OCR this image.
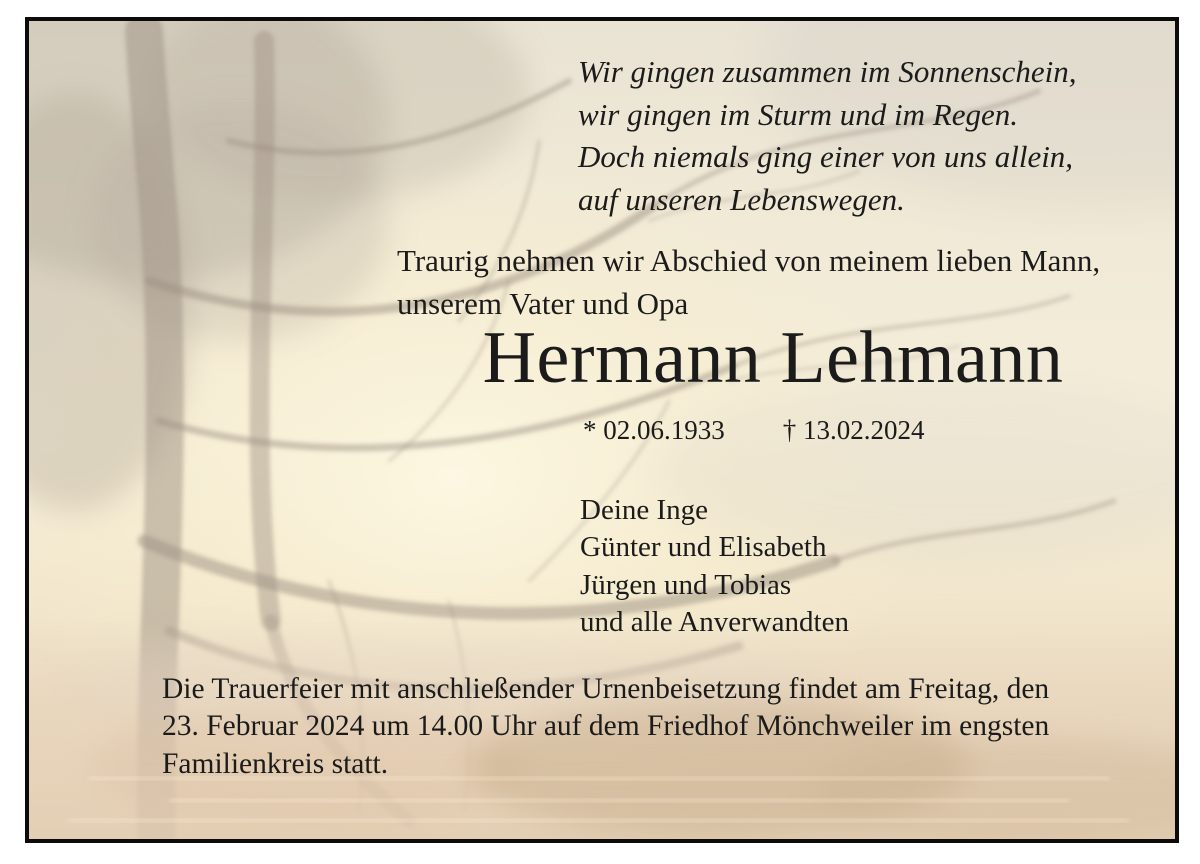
Wir gingen zusammen im Sonnenschein,
wir gingen im Sturm und im Regen.
Doch niemals ging einer von uns allein,
auf unseren Lebenswegen.
Traurig nehmen wir Abschied von meinem lieben Mann,
unserem Vater und Opa
Hermann Lehmann
* 02.06.1933 † 13.02.2024
Deine Inge
Günter und Elisabeth
Jürgen und Tobias
und alle Anverwandten
Die Trauerfeier mit anschließender Urnenbeisetzung findet am Freitag, den
23. Februar 2024 um 14.00 Uhr auf dem Friedhof Mönchweiler im engsten
Familienkreis statt.
